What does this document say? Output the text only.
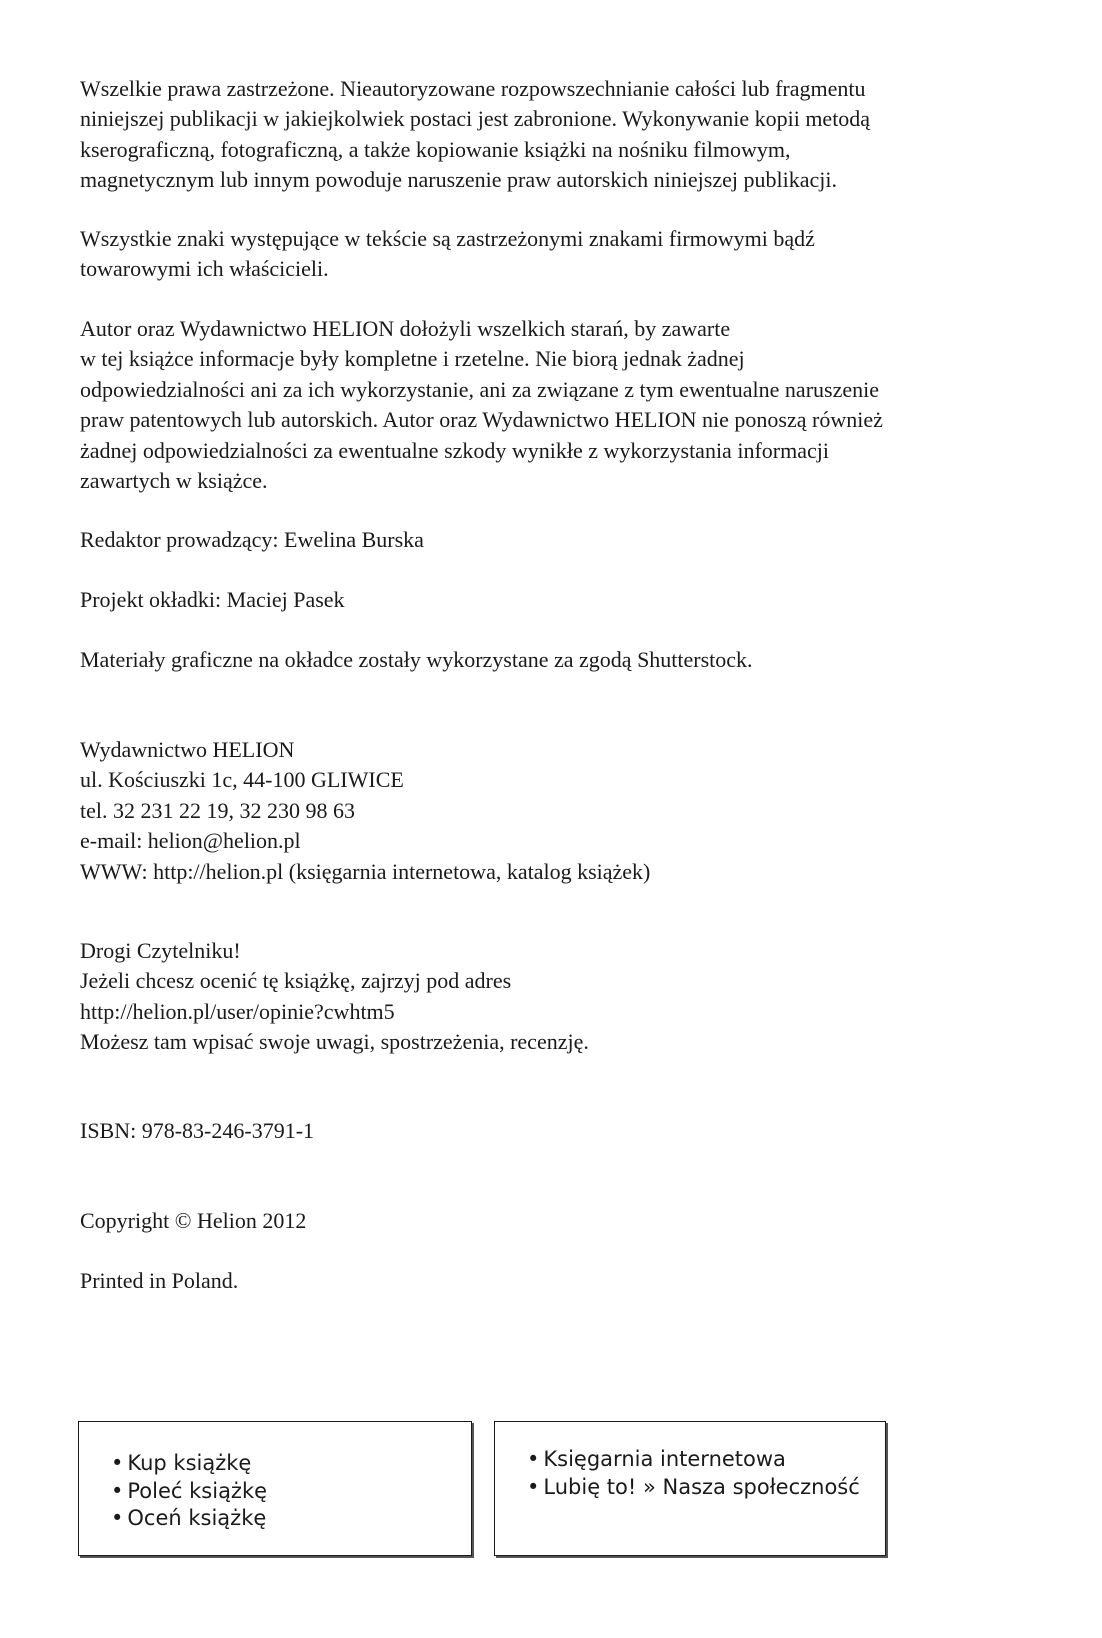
Wszelkie prawa zastrzeżone. Nieautoryzowane rozpowszechnianie całości lub fragmentu
niniejszej publikacji w jakiejkolwiek postaci jest zabronione. Wykonywanie kopii metodą
kserograficzną, fotograficzną, a także kopiowanie książki na nośniku filmowym,
magnetycznym lub innym powoduje naruszenie praw autorskich niniejszej publikacji.

Wszystkie znaki występujące w tekście są zastrzeżonymi znakami firmowymi bądź
towarowymi ich właścicieli.

Autor oraz Wydawnictwo HELION dołożyli wszelkich starań, by zawarte
w tej książce informacje były kompletne i rzetelne. Nie biorą jednak żadnej
odpowiedzialności ani za ich wykorzystanie, ani za związane z tym ewentualne naruszenie
praw patentowych lub autorskich. Autor oraz Wydawnictwo HELION nie ponoszą również
żadnej odpowiedzialności za ewentualne szkody wynikłe z wykorzystania informacji
zawartych w książce.

Redaktor prowadzący: Ewelina Burska

Projekt okładki: Maciej Pasek

Materiały graficzne na okładce zostały wykorzystane za zgodą Shutterstock.

Wydawnictwo HELION
ul. Kościuszki 1c, 44-100 GLIWICE
tel. 32 231 22 19, 32 230 98 63
e-mail: helion@helion.pl
WWW: http://helion.pl (księgarnia internetowa, katalog książek)

Drogi Czytelniku!
Jeżeli chcesz ocenić tę książkę, zajrzyj pod adres
http://helion.pl/user/opinie?cwhtm5
Możesz tam wpisać swoje uwagi, spostrzeżenia, recenzję.

ISBN: 978-83-246-3791-1

Copyright © Helion 2012

Printed in Poland.

• Kup książkę
• Poleć książkę
• Oceń książkę
• Księgarnia internetowa
• Lubię to! » Nasza społeczność
